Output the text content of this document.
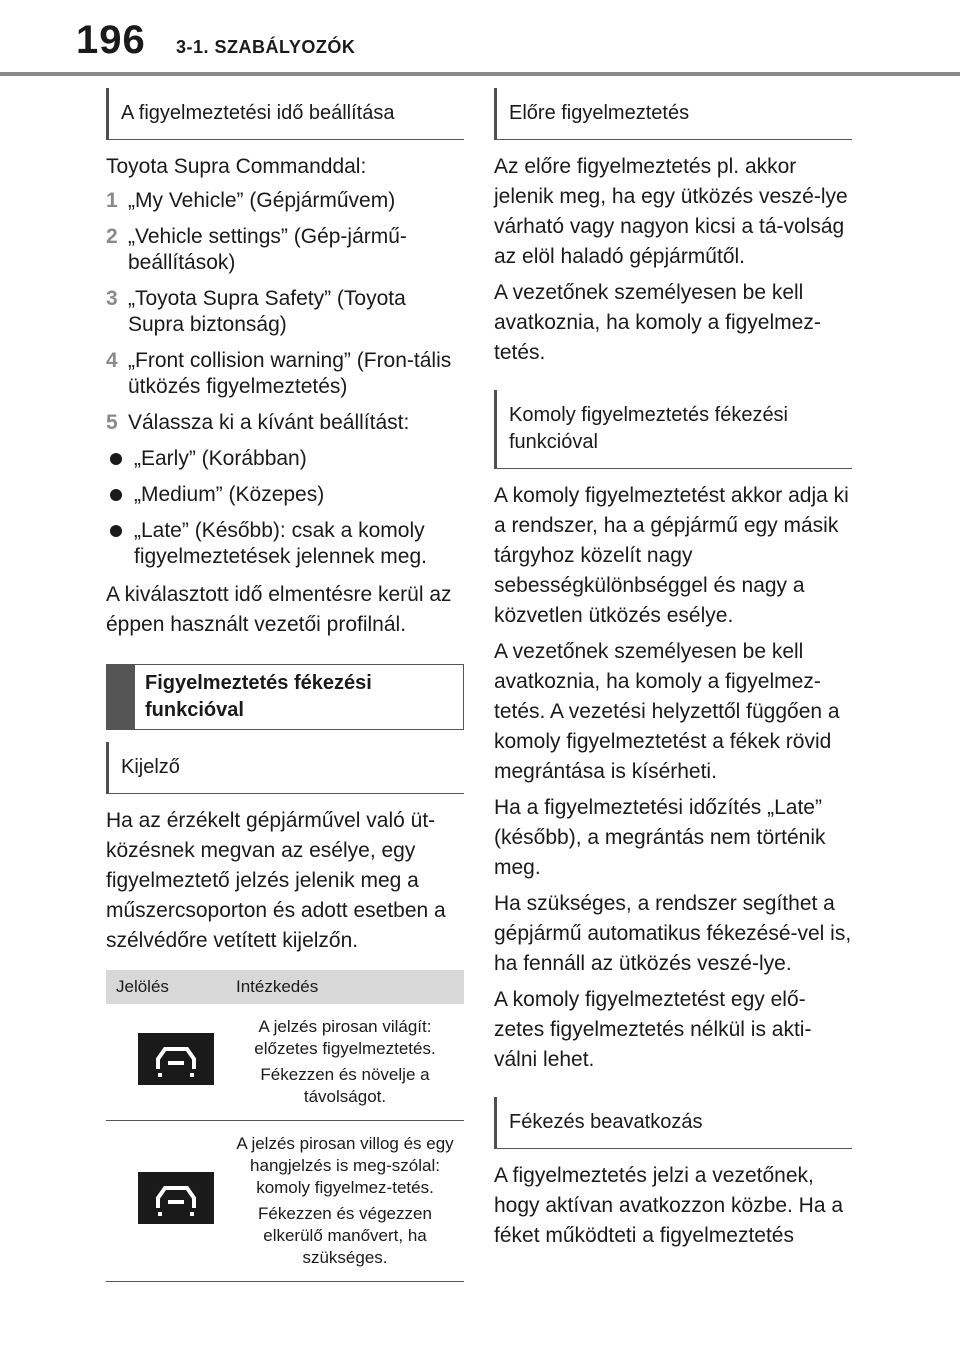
196 3-1. SZABÁLYOZÓK
A figyelmeztetési idő beállítása

Toyota Supra Commanddal:

1 „My Vehicle” (Gépjárművem)
2 „Vehicle settings” (Gép-jármű-beállítások)
3 „Toyota Supra Safety” (Toyota Supra biztonság)
4 „Front collision warning” (Fron-tális ütközés figyelmeztetés)
5 Válassza ki a kívánt beállítást:
„Early” (Korábban)
„Medium” (Közepes)
„Late” (Később): csak a komoly figyelmeztetések jelennek meg.

A kiválasztott idő elmentésre kerül az éppen használt vezetői profilnál.

Figyelmeztetés fékezési funkcióval
Kijelző

Ha az érzékelt gépjárművel való üt-közésnek megvan az esélye, egy figyelmeztető jelzés jelenik meg a műszercsoporton és adott esetben a szélvédőre vetített kijelzőn.

Jelölés	Intézkedés

A jelzés pirosan világít: előzetes figyelmeztetés.
Fékezzen és növelje a távolságot.

A jelzés pirosan villog és egy hangjelzés is meg-szólal: komoly figyelmez-tetés.
Fékezzen és végezzen elkerülő manővert, ha szükséges.
Előre figyelmeztetés

Az előre figyelmeztetés pl. akkor jelenik meg, ha egy ütközés veszé-lye várható vagy nagyon kicsi a tá-volság az elöl haladó gépjárműtől.

A vezetőnek személyesen be kell avatkoznia, ha komoly a figyelmez-tetés.

Komoly figyelmeztetés fékezési funkcióval

A komoly figyelmeztetést akkor adja ki a rendszer, ha a gépjármű egy másik tárgyhoz közelít nagy sebességkülönbséggel és nagy a közvetlen ütközés esélye.

A vezetőnek személyesen be kell avatkoznia, ha komoly a figyelmez-tetés. A vezetési helyzettől függően a komoly figyelmeztetést a fékek rövid megrántása is kísérheti.

Ha a figyelmeztetési időzítés „Late” (később), a megrántás nem történik meg.

Ha szükséges, a rendszer segíthet a gépjármű automatikus fékezésé-vel is, ha fennáll az ütközés veszé-lye.

A komoly figyelmeztetést egy elő-zetes figyelmeztetés nélkül is akti-válni lehet.

Fékezés beavatkozás

A figyelmeztetés jelzi a vezetőnek, hogy aktívan avatkozzon közbe. Ha a féket működteti a figyelmeztetés
